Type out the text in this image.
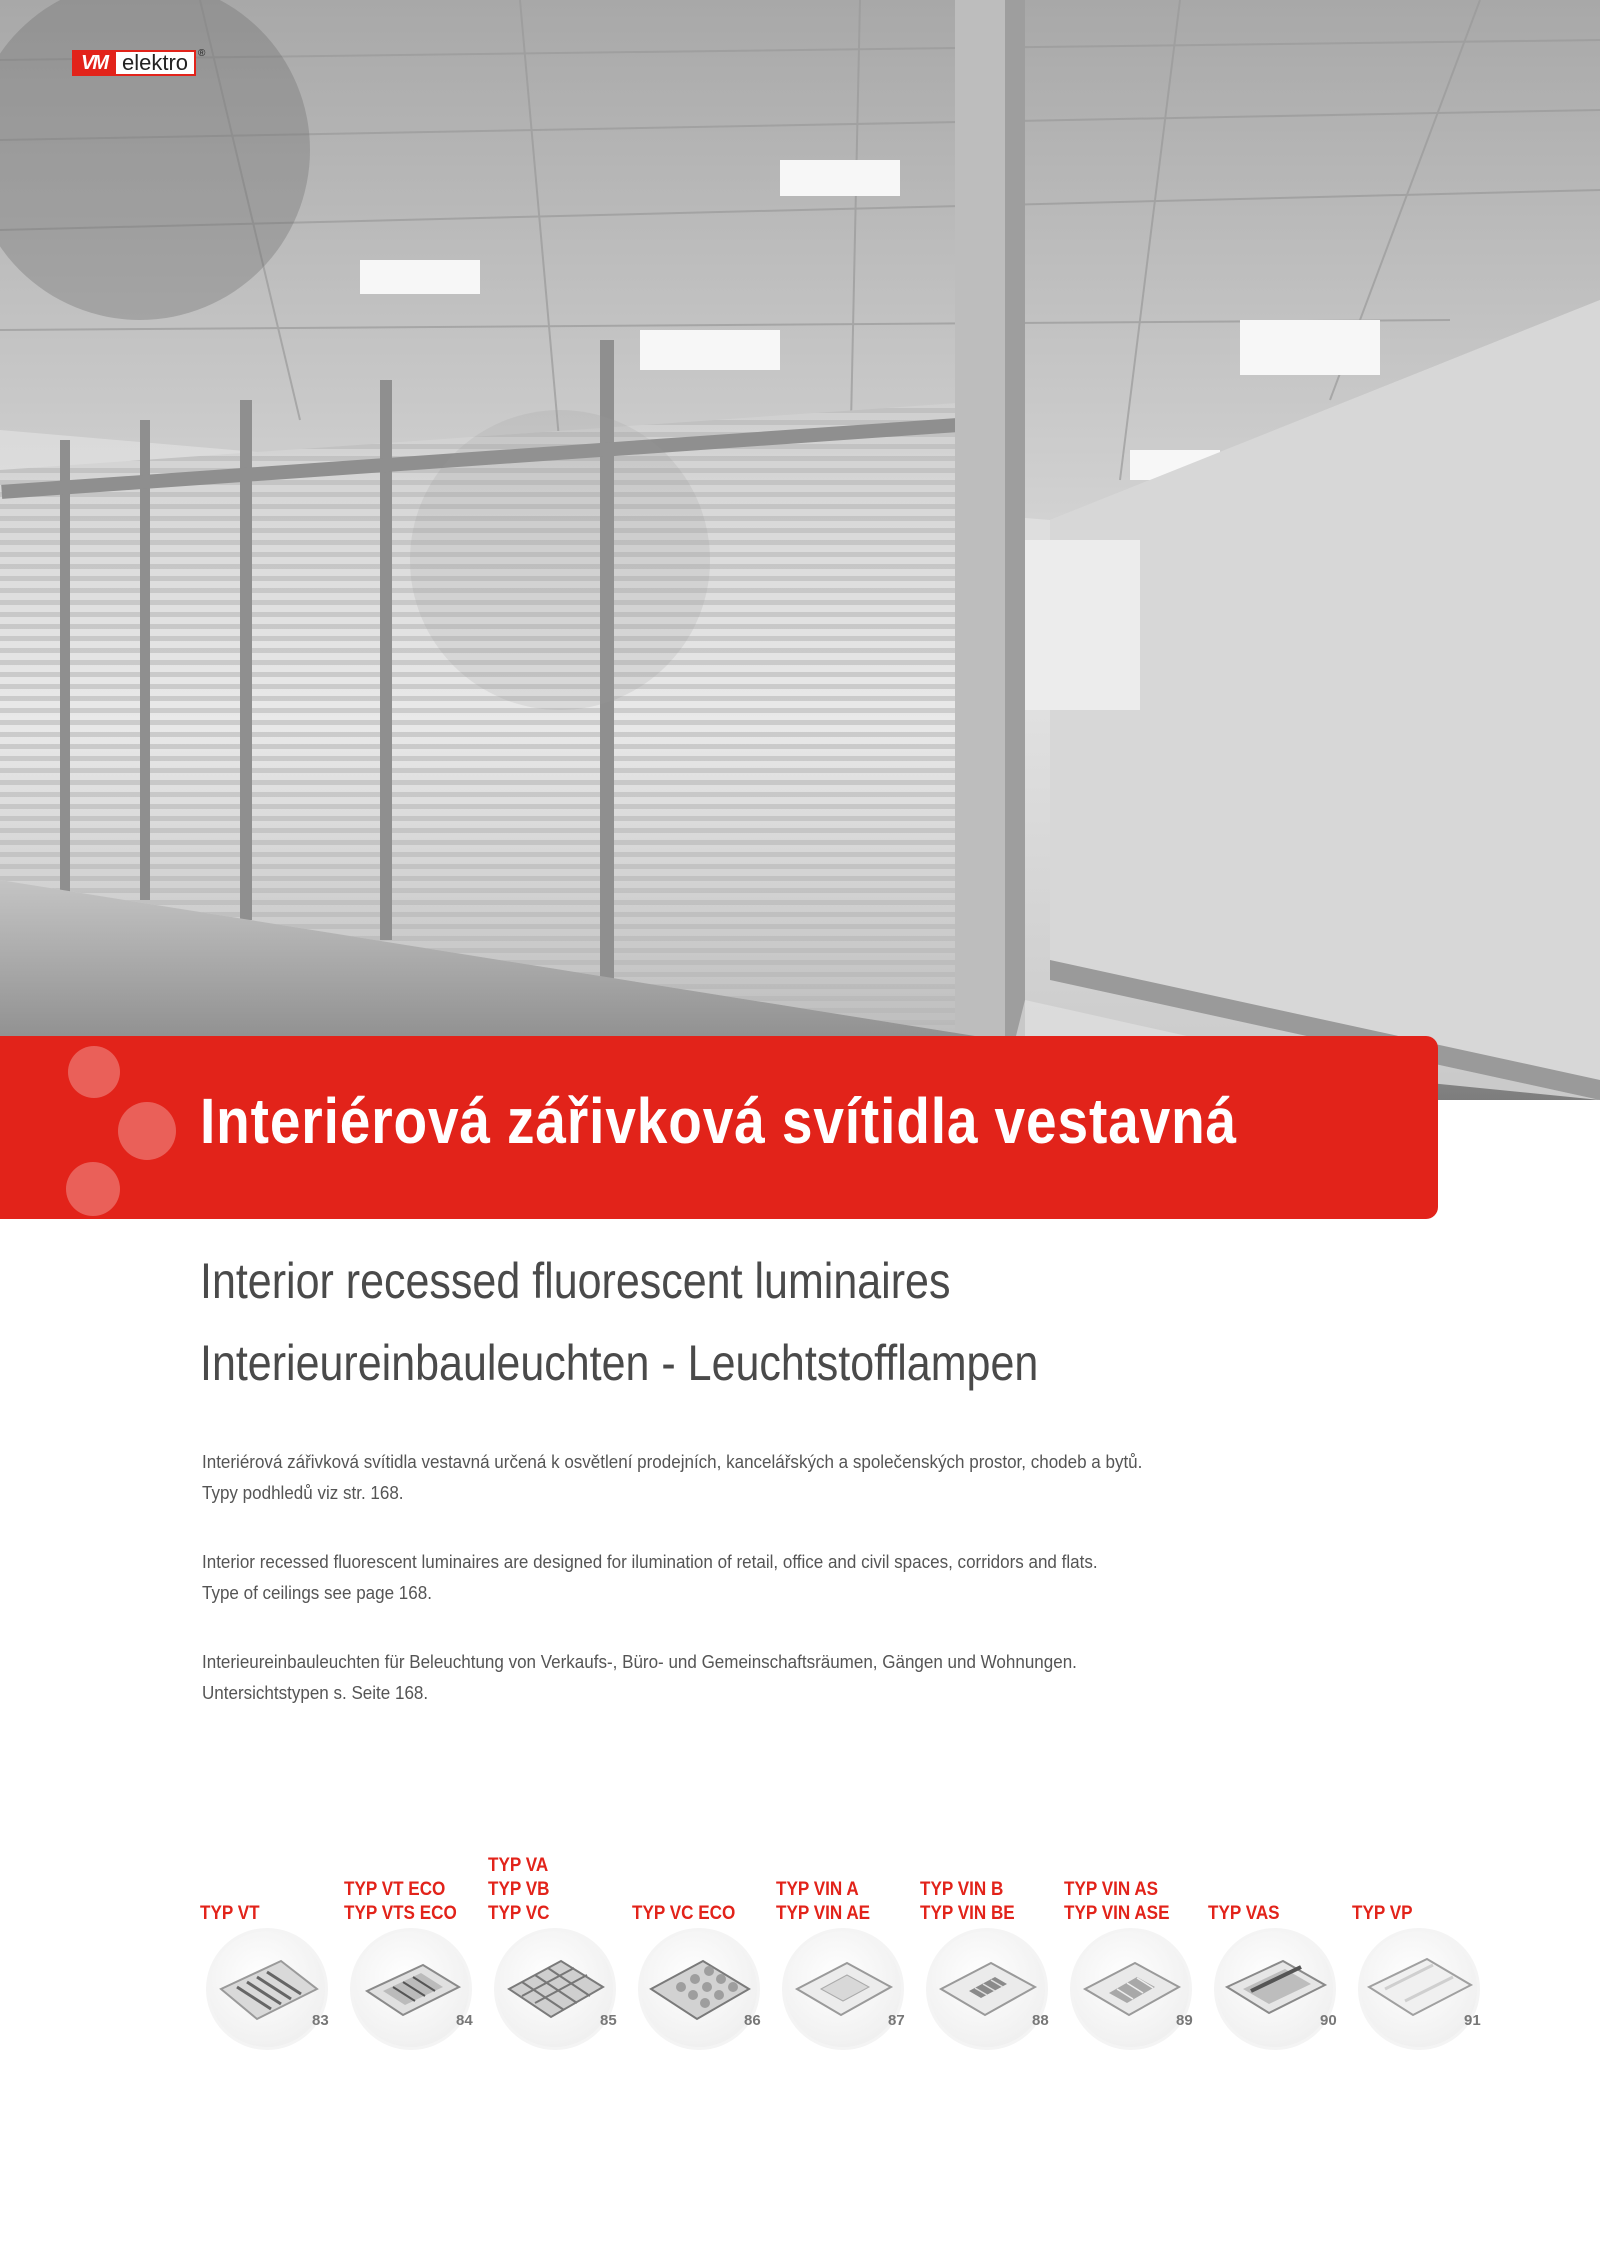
VM elektro	®
Interiérová zářivková svítidla vestavná
Interior recessed fluorescent luminaires
Interieureinbauleuchten - Leuchtstofflampen
Interiérová zářivková svítidla vestavná určená k osvětlení prodejních, kancelářských a společenských prostor, chodeb a bytů.
Typy podhledů viz str. 168.
Interior recessed fluorescent luminaires are designed for ilumination of retail, office and civil spaces, corridors and flats.
Type of ceilings see page 168.
Interieureinbauleuchten für Beleuchtung von Verkaufs-, Büro- und Gemeinschaftsräumen, Gängen und Wohnungen.
Untersichtstypen s. Seite 168.
TYP VT
83
TYP VT ECO
TYP VTS ECO
84
TYP VA
TYP VB
TYP VC
85
TYP VC ECO
86
TYP VIN A
TYP VIN AE
87
TYP VIN B
TYP VIN BE
88
TYP VIN AS
TYP VIN ASE
89
TYP VAS
90
TYP VP
91
